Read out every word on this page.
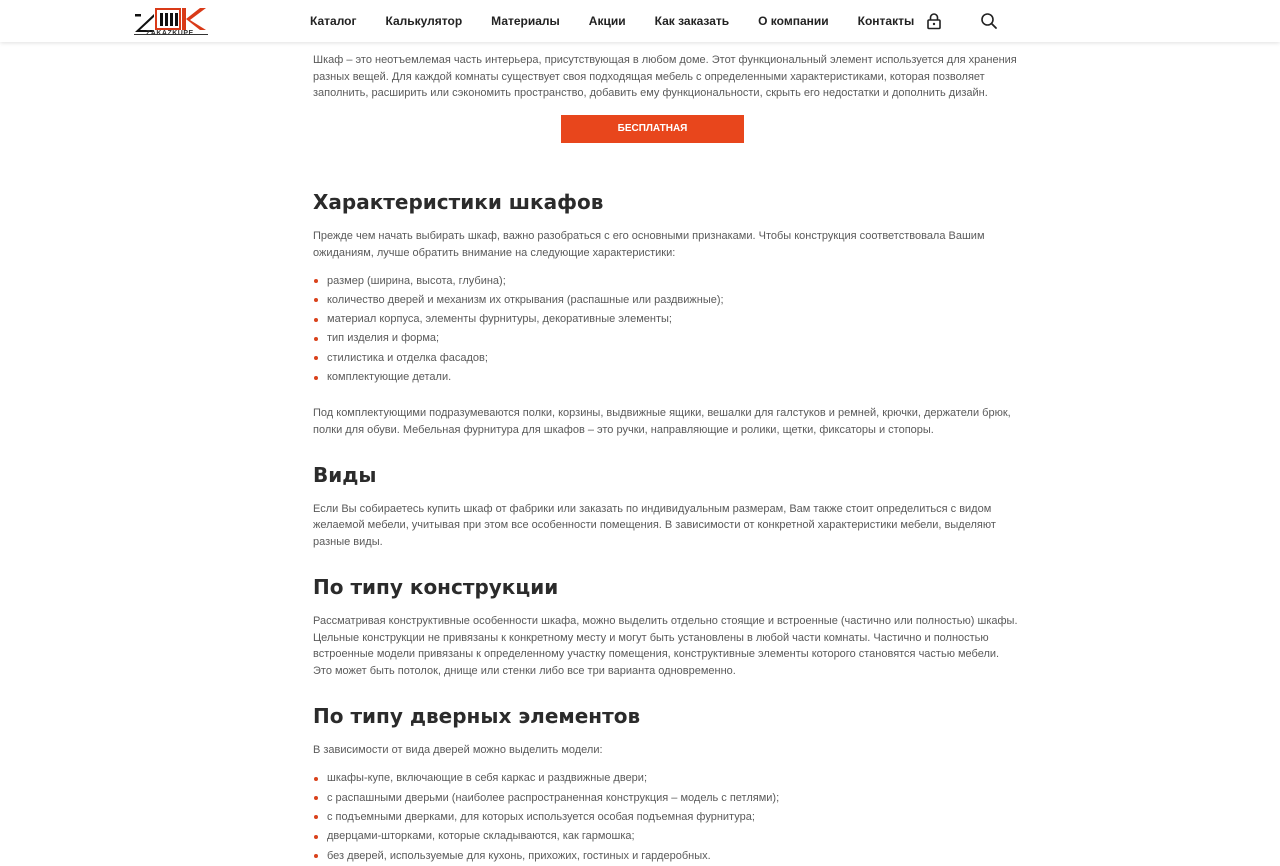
ZAKAZKUPE
Каталог Калькулятор Материалы Акции Как заказать О компании Контакты

Шкаф – это неотъемлемая часть интерьера, присутствующая в любом доме. Этот функциональный элемент используется для хранения разных вещей. Для каждой комнаты существует своя подходящая мебель с определенными характеристиками, которая позволяет заполнить, расширить или сэкономить пространство, добавить ему функциональности, скрыть его недостатки и дополнить дизайн.

БЕСПЛАТНАЯ КОНСУЛЬТАЦИЯ
Характеристики шкафов

Прежде чем начать выбирать шкаф, важно разобраться с его основными признаками. Чтобы конструкция соответствовала Вашим ожиданиям, лучше обратить внимание на следующие характеристики:

размер (ширина, высота, глубина);
количество дверей и механизм их открывания (распашные или раздвижные);
материал корпуса, элементы фурнитуры, декоративные элементы;
тип изделия и форма;
стилистика и отделка фасадов;
комплектующие детали.

Под комплектующими подразумеваются полки, корзины, выдвижные ящики, вешалки для галстуков и ремней, крючки, держатели брюк, полки для обуви. Мебельная фурнитура для шкафов – это ручки, направляющие и ролики, щетки, фиксаторы и стопоры.

Виды

Если Вы собираетесь купить шкаф от фабрики или заказать по индивидуальным размерам, Вам также стоит определиться с видом желаемой мебели, учитывая при этом все особенности помещения. В зависимости от конкретной характеристики мебели, выделяют разные виды.

По типу конструкции

Рассматривая конструктивные особенности шкафа, можно выделить отдельно стоящие и встроенные (частично или полностью) шкафы. Цельные конструкции не привязаны к конкретному месту и могут быть установлены в любой части комнаты. Частично и полностью встроенные модели привязаны к определенному участку помещения, конструктивные элементы которого становятся частью мебели. Это может быть потолок, днище или стенки либо все три варианта одновременно.

По типу дверных элементов

В зависимости от вида дверей можно выделить модели:

шкафы-купе, включающие в себя каркас и раздвижные двери;
с распашными дверьми (наиболее распространенная конструкция – модель с петлями);
с подъемными дверками, для которых используется особая подъемная фурнитура;
дверцами-шторками, которые складываются, как гармошка;
без дверей, используемые для кухонь, прихожих, гостиных и гардеробных.
